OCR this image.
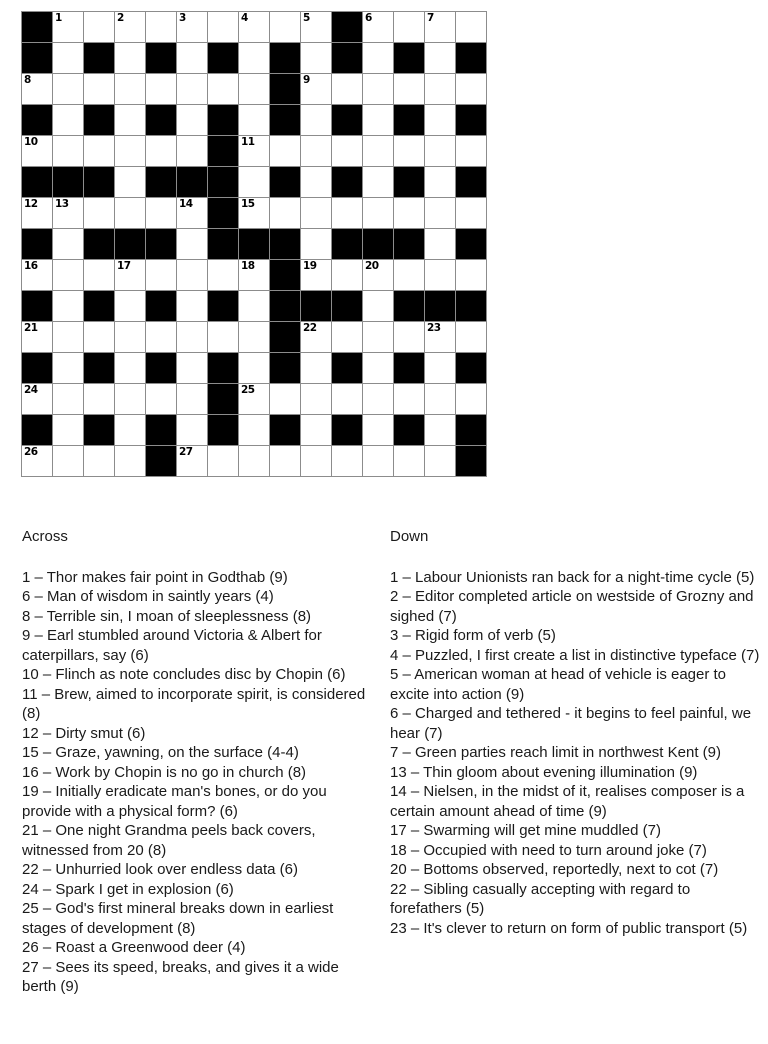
1	2	3	4	5	6	7
8	9
10	11
12 13	14	15
16	17	18	19	20
21	22	23
24	25
26	27
Across
1 – Thor makes fair point in Godthab (9)
6 – Man of wisdom in saintly years (4)
8 – Terrible sin, I moan of sleeplessness (8)
9 – Earl stumbled around Victoria & Albert for caterpillars, say (6)
10 – Flinch as note concludes disc by Chopin (6)
11 – Brew, aimed to incorporate spirit, is considered (8)
12 – Dirty smut (6)
15 – Graze, yawning, on the surface (4-4)
16 – Work by Chopin is no go in church (8)
19 – Initially eradicate man's bones, or do you provide with a physical form? (6)
21 – One night Grandma peels back covers, witnessed from 20 (8)
22 – Unhurried look over endless data (6)
24 – Spark I get in explosion (6)
25 – God's first mineral breaks down in earliest stages of development (8)
26 – Roast a Greenwood deer (4)
27 – Sees its speed, breaks, and gives it a wide berth (9)
Down
1 – Labour Unionists ran back for a night-time cycle (5)
2 – Editor completed article on westside of Grozny and sighed (7)
3 – Rigid form of verb (5)
4 – Puzzled, I first create a list in distinctive typeface (7)
5 – American woman at head of vehicle is eager to excite into action (9)
6 – Charged and tethered - it begins to feel painful, we hear (7)
7 – Green parties reach limit in northwest Kent (9)
13 – Thin gloom about evening illumination (9)
14 – Nielsen, in the midst of it, realises composer is a certain amount ahead of time (9)
17 – Swarming will get mine muddled (7)
18 – Occupied with need to turn around joke (7)
20 – Bottoms observed, reportedly, next to cot (7)
22 – Sibling casually accepting with regard to forefathers (5)
23 – It's clever to return on form of public transport (5)
